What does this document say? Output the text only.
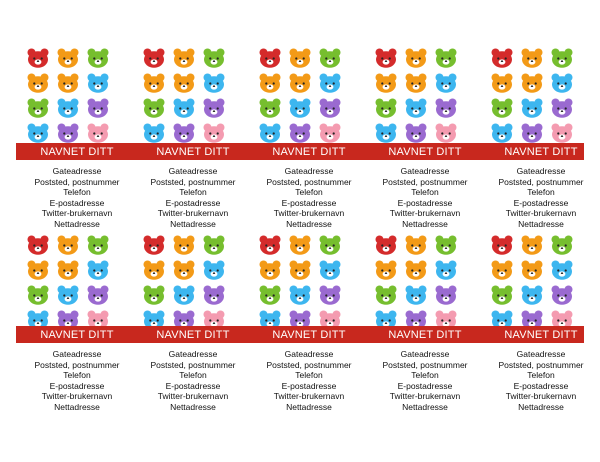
NAVNET DITT
Gateadresse
Poststed, postnummer
Telefon
E-postadresse
Twitter-brukernavn
Nettadresse
NAVNET DITT
Gateadresse
Poststed, postnummer
Telefon
E-postadresse
Twitter-brukernavn
Nettadresse
NAVNET DITT
Gateadresse
Poststed, postnummer
Telefon
E-postadresse
Twitter-brukernavn
Nettadresse
NAVNET DITT
Gateadresse
Poststed, postnummer
Telefon
E-postadresse
Twitter-brukernavn
Nettadresse
NAVNET DITT
Gateadresse
Poststed, postnummer
Telefon
E-postadresse
Twitter-brukernavn
Nettadresse
NAVNET DITT
Gateadresse
Poststed, postnummer
Telefon
E-postadresse
Twitter-brukernavn
Nettadresse
NAVNET DITT
Gateadresse
Poststed, postnummer
Telefon
E-postadresse
Twitter-brukernavn
Nettadresse
NAVNET DITT
Gateadresse
Poststed, postnummer
Telefon
E-postadresse
Twitter-brukernavn
Nettadresse
NAVNET DITT
Gateadresse
Poststed, postnummer
Telefon
E-postadresse
Twitter-brukernavn
Nettadresse
NAVNET DITT
Gateadresse
Poststed, postnummer
Telefon
E-postadresse
Twitter-brukernavn
Nettadresse
